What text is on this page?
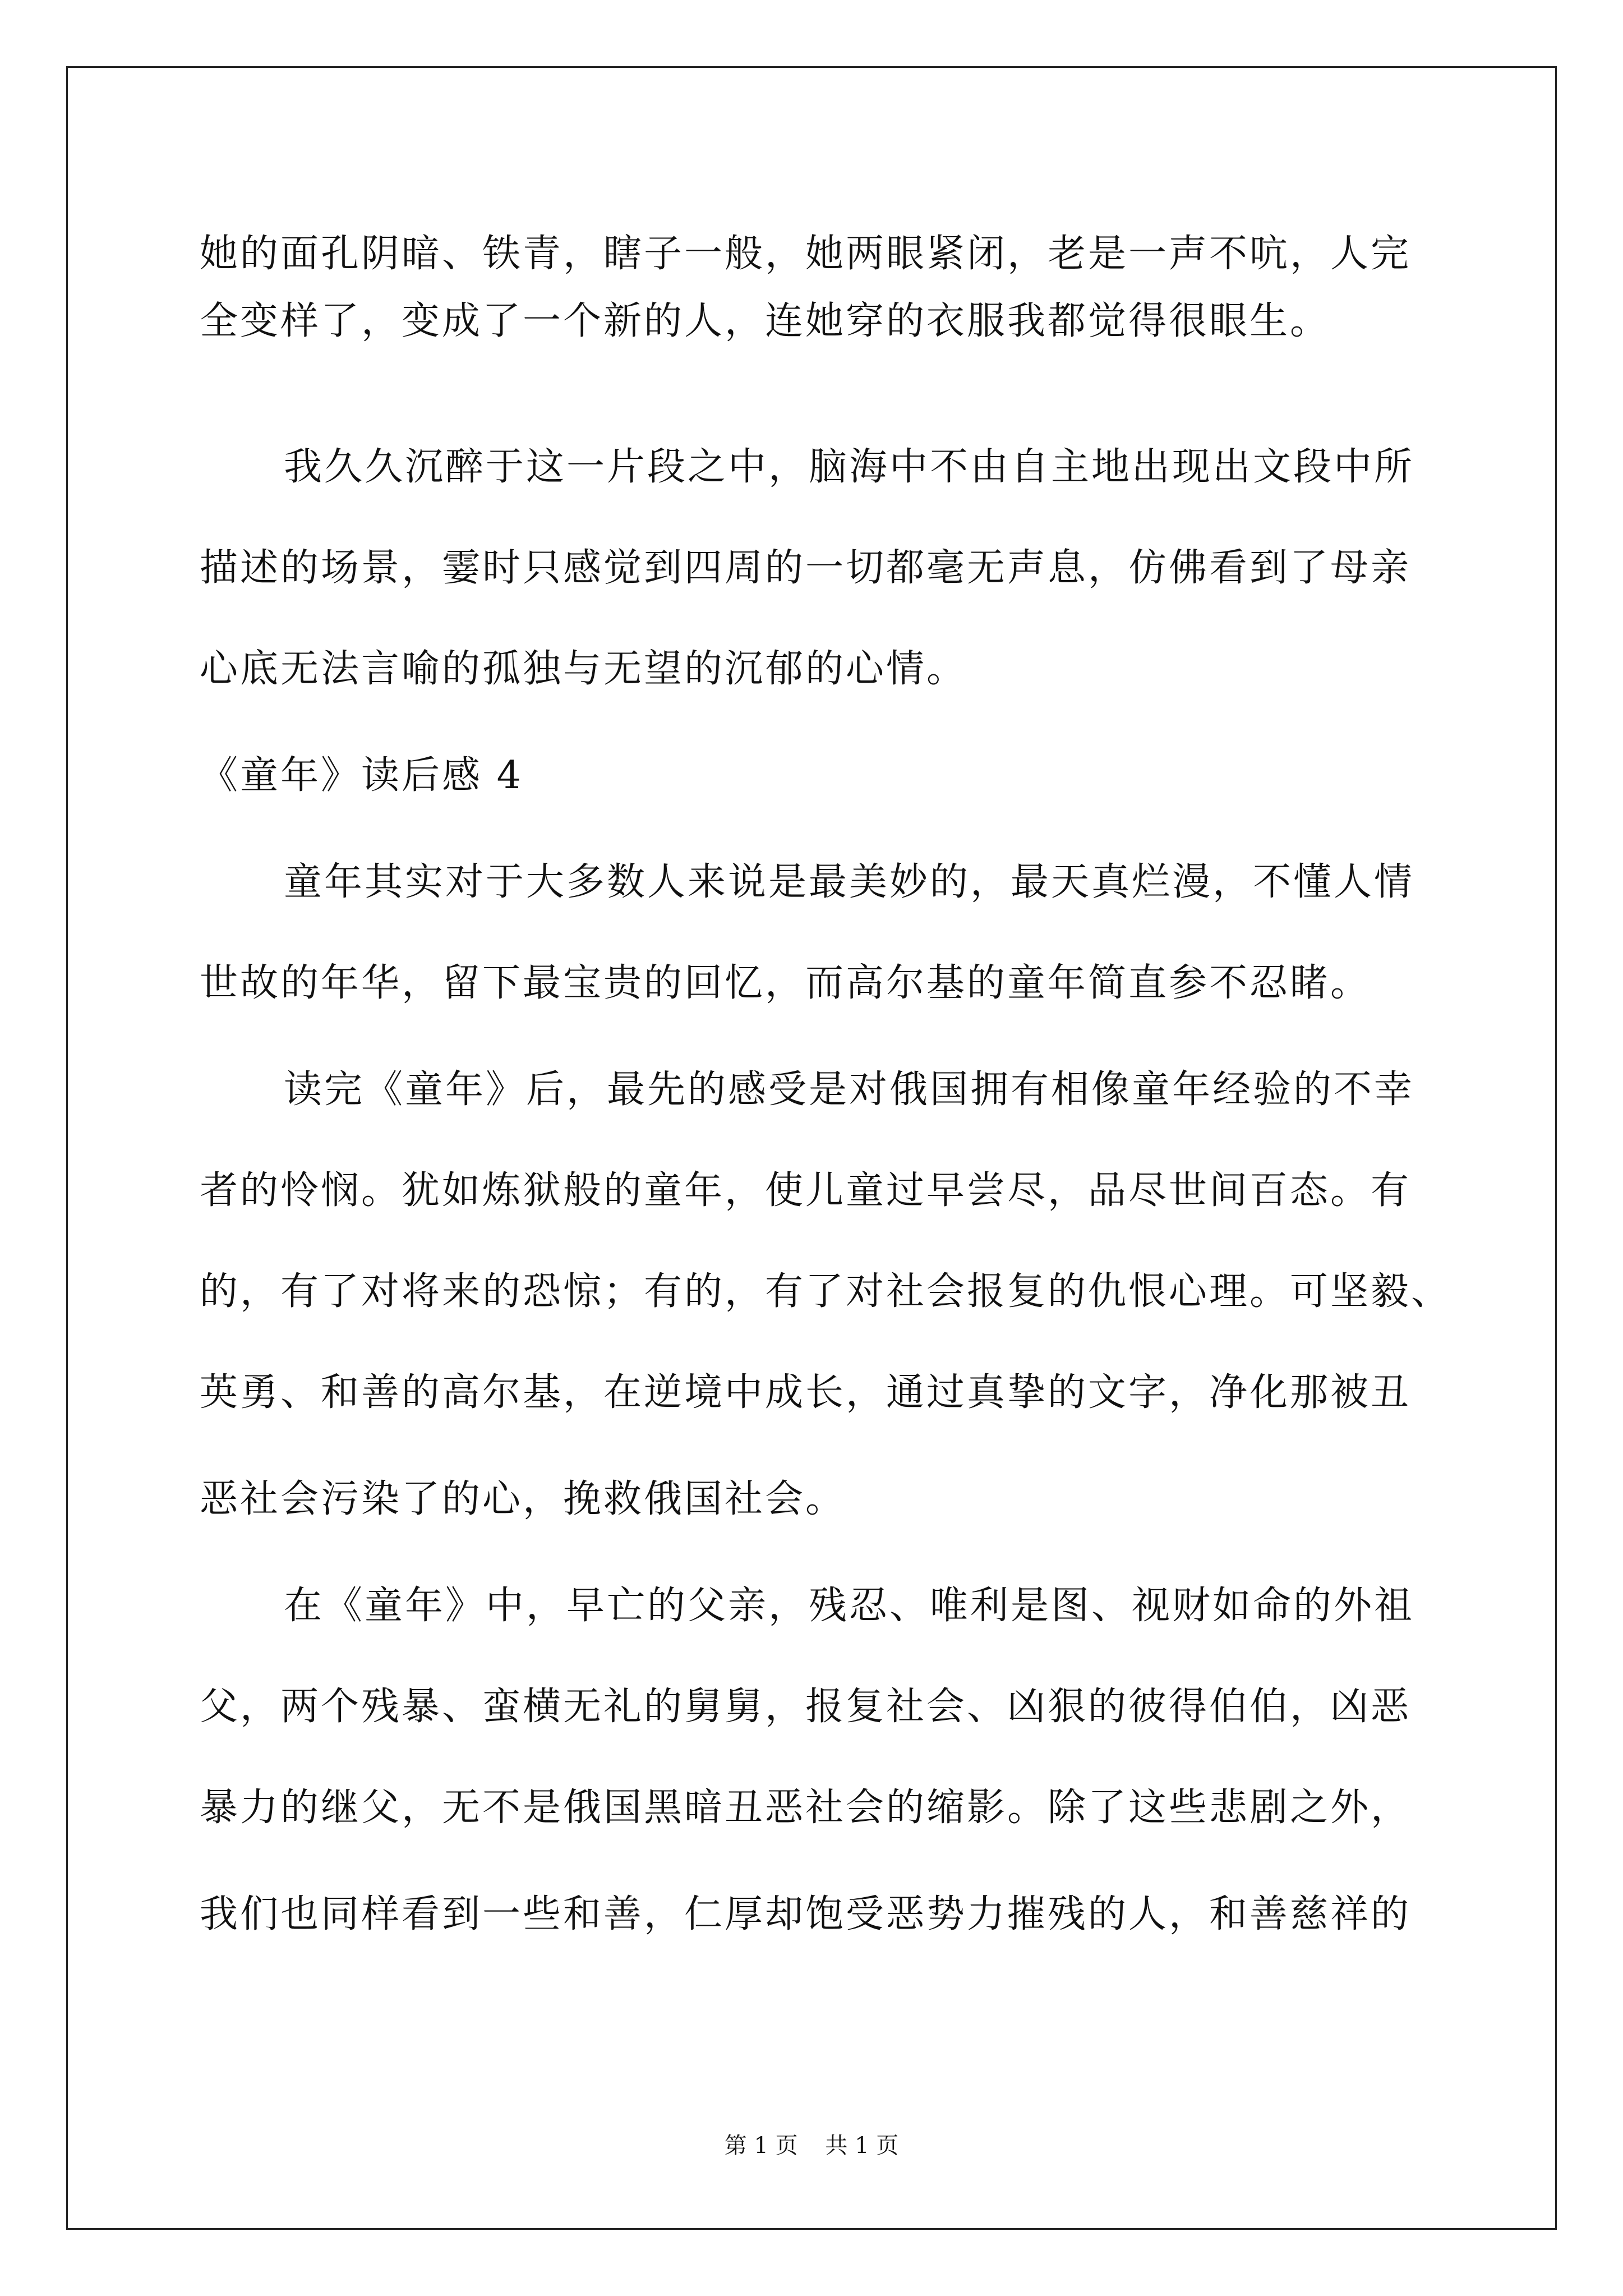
她的面孔阴暗、铁青，瞎子一般，她两眼紧闭，老是一声不吭，人完
全变样了，变成了一个新的人，连她穿的衣服我都觉得很眼生。
我久久沉醉于这一片段之中，脑海中不由自主地出现出文段中所
描述的场景，霎时只感觉到四周的一切都毫无声息，仿佛看到了母亲
心底无法言喻的孤独与无望的沉郁的心情。
《童年》读后感 4
童年其实对于大多数人来说是最美妙的，最天真烂漫，不懂人情
世故的年华，留下最宝贵的回忆，而高尔基的童年简直参不忍睹。
读完《童年》后，最先的感受是对俄国拥有相像童年经验的不幸
者的怜悯。犹如炼狱般的童年，使儿童过早尝尽，品尽世间百态。有
的，有了对将来的恐惊；有的，有了对社会报复的仇恨心理。可坚毅、
英勇、和善的高尔基，在逆境中成长，通过真挚的文字，净化那被丑
恶社会污染了的心，挽救俄国社会。
在《童年》中，早亡的父亲，残忍、唯利是图、视财如命的外祖
父，两个残暴、蛮横无礼的舅舅，报复社会、凶狠的彼得伯伯，凶恶
暴力的继父，无不是俄国黑暗丑恶社会的缩影。除了这些悲剧之外，
我们也同样看到一些和善，仁厚却饱受恶势力摧残的人，和善慈祥的
第 1 页 共 1 页
